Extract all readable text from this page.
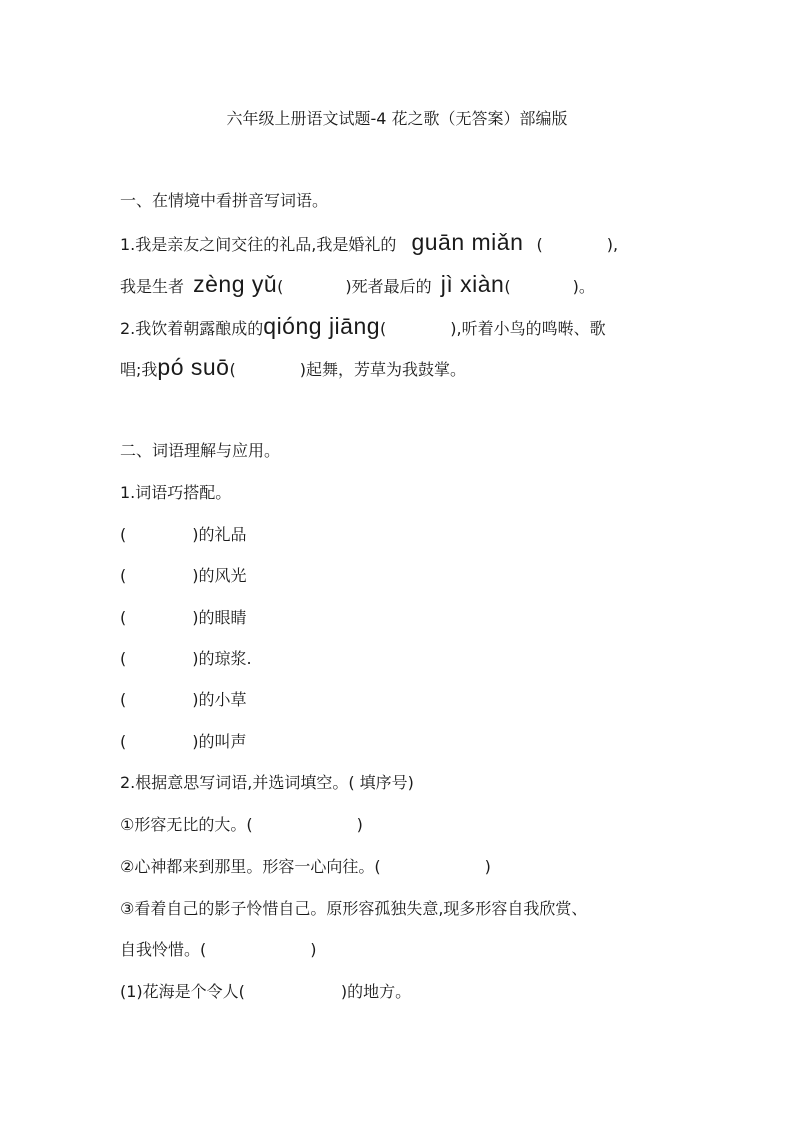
六年级上册语文试题-4 花之歌（无答案）部编版
一、在情境中看拼音写词语。
1.我是亲友之间交往的礼品,我是婚礼的 guān miǎn (	),
我是生者 zèng yǔ(	)死者最后的 jì xiàn(	)。
2.我饮着朝露酿成的qióng jiāng(	),听着小鸟的鸣啭、歌
唱;我pó suō(	)起舞，芳草为我鼓掌。
二、词语理解与应用。
1.词语巧搭配。
(	)的礼品
(	)的风光
(	)的眼睛
(	)的琼浆.
(	)的小草
(	)的叫声
2.根据意思写词语,并选词填空。( 填序号)
①形容无比的大。(	)
②心神都来到那里。形容一心向往。(	)
③看着自己的影子怜惜自己。原形容孤独失意,现多形容自我欣赏、
自我怜惜。(	)
(1)花海是个令人(	)的地方。
